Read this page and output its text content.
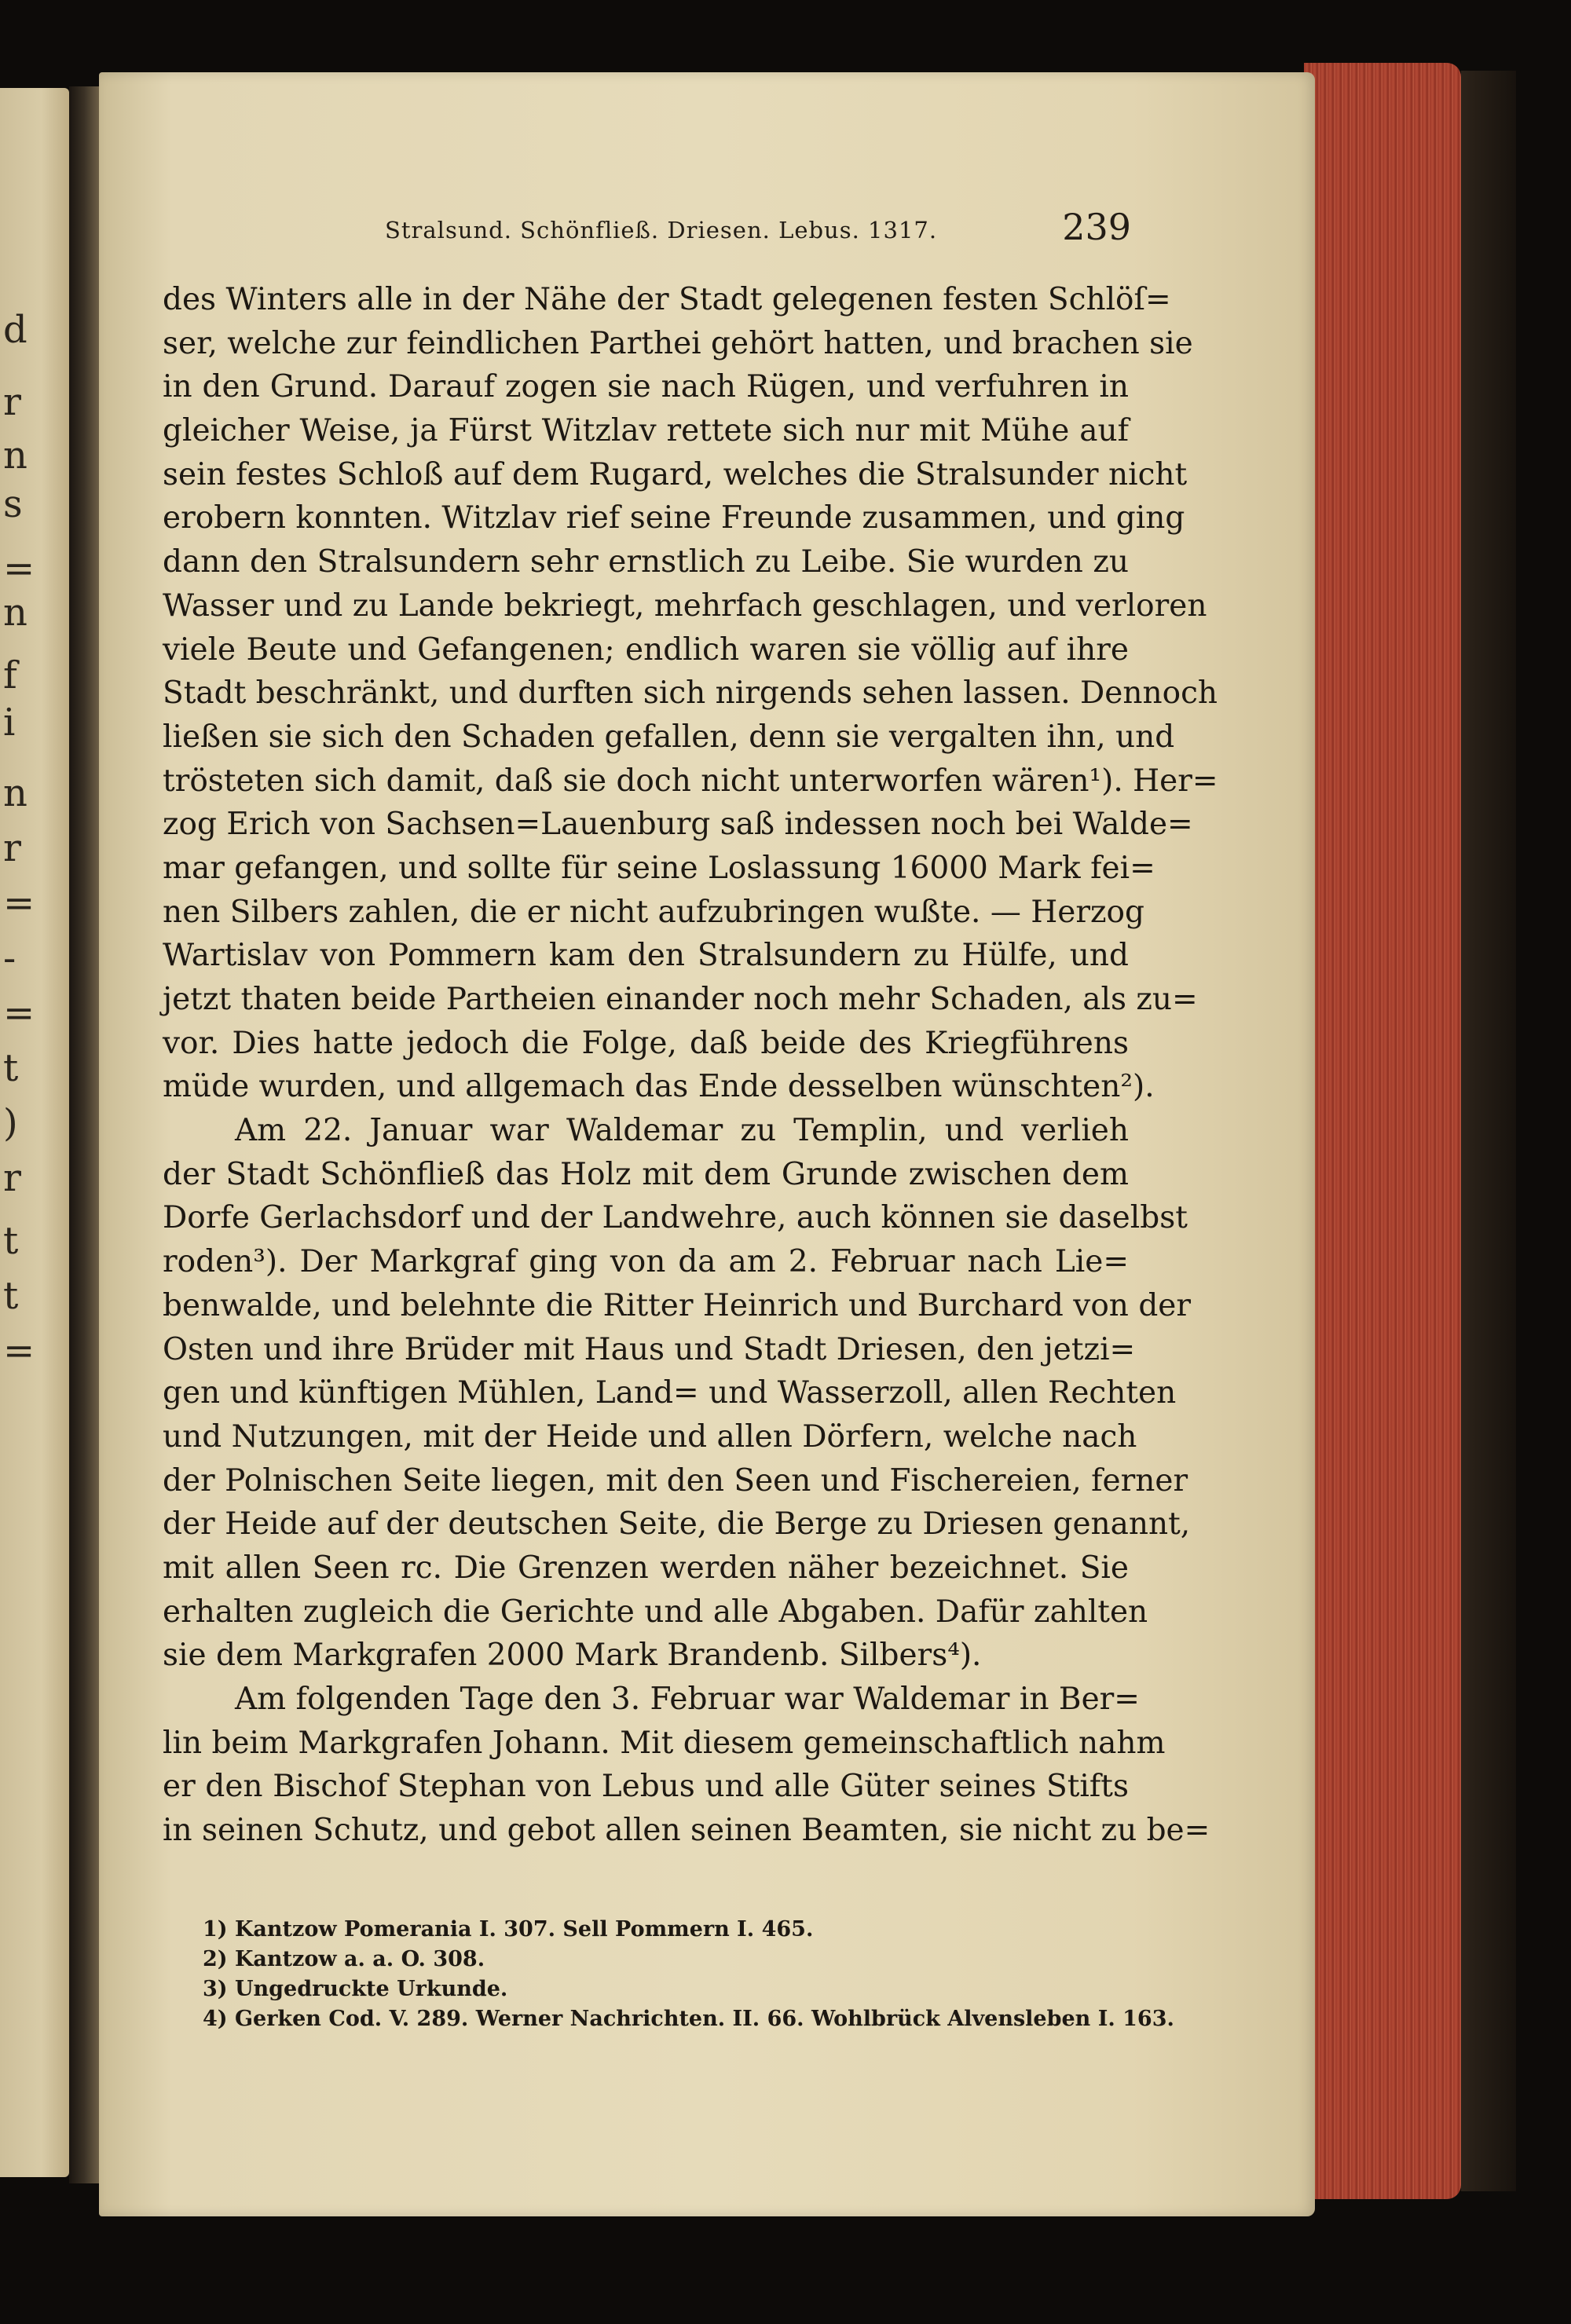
d
r
n
s
=
n
f
i
n
r
=
-
=
t
)
r
t
t
=
Stralsund. Schönfließ. Driesen. Lebus. 1317.	239
des Winters alle in der Nähe der Stadt gelegenen festen Schlöſ=
ser, welche zur feindlichen Parthei gehört hatten, und brachen sie
in den Grund. Darauf zogen sie nach Rügen, und verfuhren in
gleicher Weise, ja Fürst Witzlav rettete sich nur mit Mühe auf
sein festes Schloß auf dem Rugard, welches die Stralsunder nicht
erobern konnten. Witzlav rief seine Freunde zusammen, und ging
dann den Stralsundern sehr ernstlich zu Leibe. Sie wurden zu
Wasser und zu Lande bekriegt, mehrfach geschlagen, und verloren
viele Beute und Gefangenen; endlich waren sie völlig auf ihre
Stadt beschränkt, und durften sich nirgends sehen lassen. Dennoch
ließen sie sich den Schaden gefallen, denn sie vergalten ihn, und
trösteten sich damit, daß sie doch nicht unterworfen wären¹). Her=
zog Erich von Sachsen=Lauenburg saß indessen noch bei Walde=
mar gefangen, und sollte für seine Loslassung 16000 Mark fei=
nen Silbers zahlen, die er nicht aufzubringen wußte. — Herzog
Wartislav von Pommern kam den Stralsundern zu Hülfe, und
jetzt thaten beide Partheien einander noch mehr Schaden, als zu=
vor. Dies hatte jedoch die Folge, daß beide des Kriegführens
müde wurden, und allgemach das Ende desselben wünschten²).
Am 22. Januar war Waldemar zu Templin, und verlieh
der Stadt Schönfließ das Holz mit dem Grunde zwischen dem
Dorfe Gerlachsdorf und der Landwehre, auch können sie daselbst
roden³). Der Markgraf ging von da am 2. Februar nach Lie=
benwalde, und belehnte die Ritter Heinrich und Burchard von der
Osten und ihre Brüder mit Haus und Stadt Driesen, den jetzi=
gen und künftigen Mühlen, Land= und Wasserzoll, allen Rechten
und Nutzungen, mit der Heide und allen Dörfern, welche nach
der Polnischen Seite liegen, mit den Seen und Fischereien, ferner
der Heide auf der deutschen Seite, die Berge zu Driesen genannt,
mit allen Seen rc. Die Grenzen werden näher bezeichnet. Sie
erhalten zugleich die Gerichte und alle Abgaben. Dafür zahlten
sie dem Markgrafen 2000 Mark Brandenb. Silbers⁴).
Am folgenden Tage den 3. Februar war Waldemar in Ber=
lin beim Markgrafen Johann. Mit diesem gemeinschaftlich nahm
er den Bischof Stephan von Lebus und alle Güter seines Stifts
in seinen Schutz, und gebot allen seinen Beamten, sie nicht zu be=
1) Kantzow Pomerania I. 307. Sell Pommern I. 465.
2) Kantzow a. a. O. 308.
3) Ungedruckte Urkunde.
4) Gerken Cod. V. 289. Werner Nachrichten. II. 66. Wohlbrück Alvensleben I. 163.
